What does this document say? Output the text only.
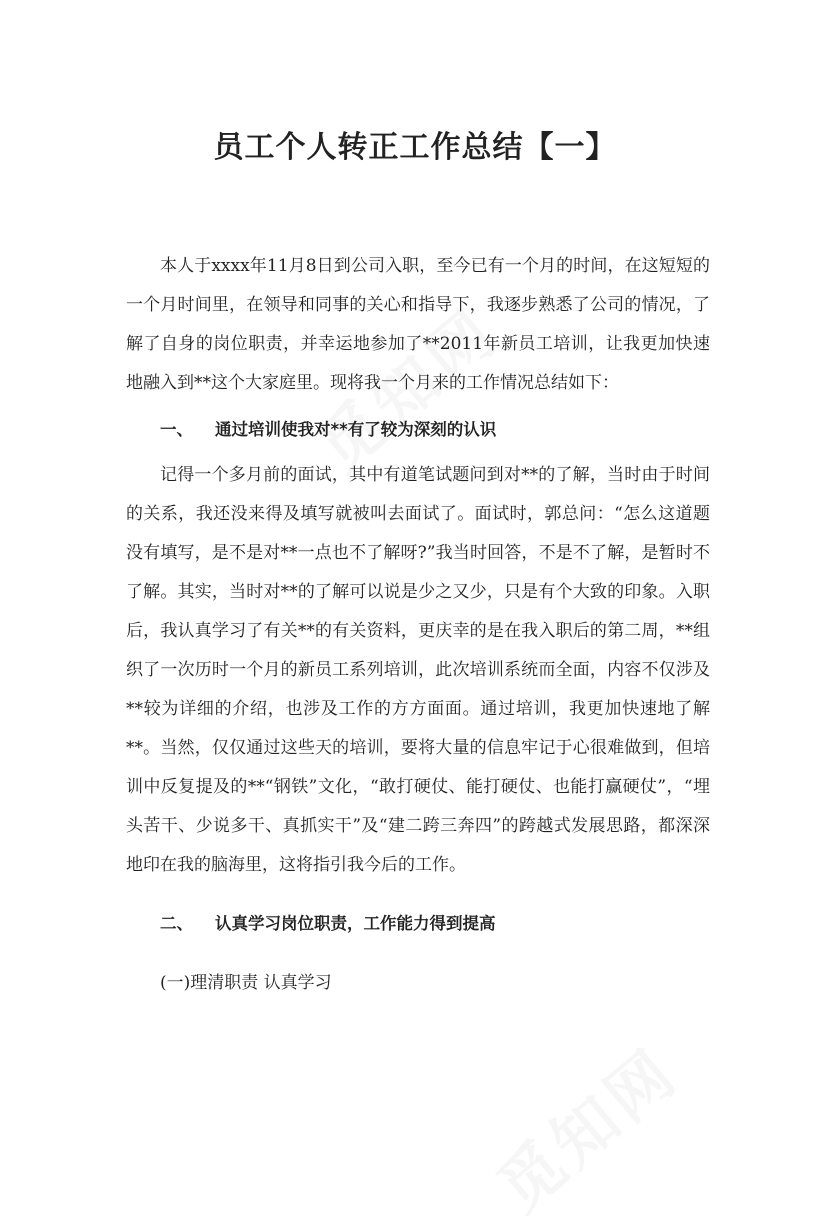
员工个人转正工作总结【一】

本人于xxxx年11月8日到公司入职，至今已有一个月的时间，在这短短的一个月时间里，在领导和同事的关心和指导下，我逐步熟悉了公司的情况，了解了自身的岗位职责，并幸运地参加了**2011年新员工培训，让我更加快速地融入到**这个大家庭里。现将我一个月来的工作情况总结如下：

一、 通过培训使我对**有了较为深刻的认识

记得一个多月前的面试，其中有道笔试题问到对**的了解，当时由于时间的关系，我还没来得及填写就被叫去面试了。面试时，郭总问：“怎么这道题没有填写，是不是对**一点也不了解呀?”我当时回答，不是不了解，是暂时不了解。其实，当时对**的了解可以说是少之又少，只是有个大致的印象。入职后，我认真学习了有关**的有关资料，更庆幸的是在我入职后的第二周，**组织了一次历时一个月的新员工系列培训，此次培训系统而全面，内容不仅涉及**较为详细的介绍，也涉及工作的方方面面。通过培训，我更加快速地了解**。当然，仅仅通过这些天的培训，要将大量的信息牢记于心很难做到，但培训中反复提及的**“钢铁”文化，“敢打硬仗、能打硬仗、也能打赢硬仗”，“埋头苦干、少说多干、真抓实干”及“建二跨三奔四”的跨越式发展思路，都深深地印在我的脑海里，这将指引我今后的工作。

二、 认真学习岗位职责，工作能力得到提高

(一)理清职责 认真学习
